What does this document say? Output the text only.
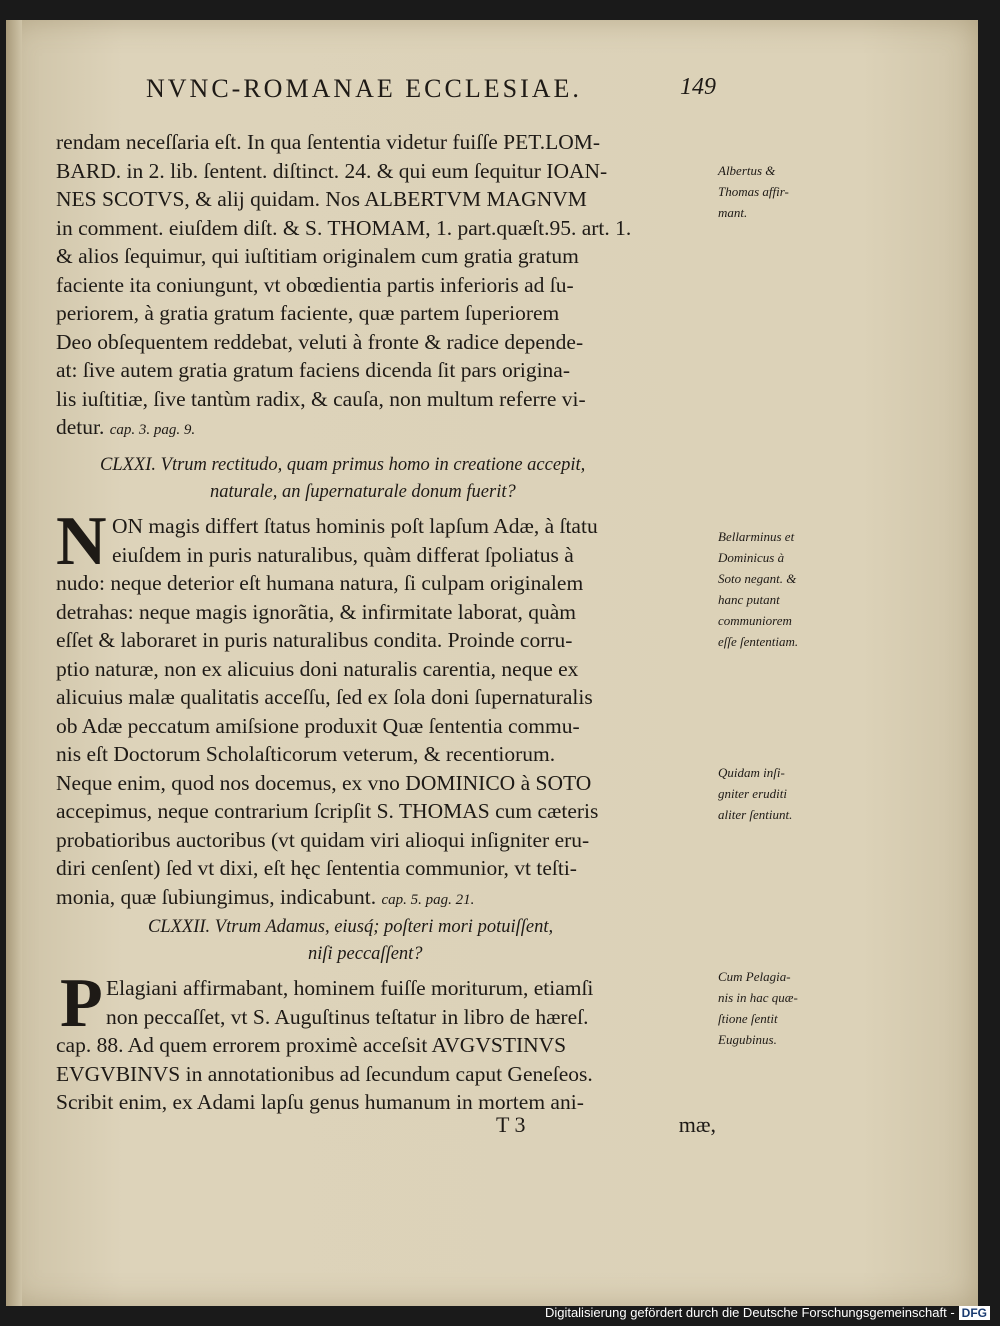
NVNC-ROMANAE ECCLESIAE.	149
rendam neceſſaria eſt. In qua ſententia videtur fuiſſe PET.LOM-
BARD. in 2. lib. ſentent. diſtinct. 24. & qui eum ſequitur IOAN-
NES SCOTVS, & alij quidam. Nos ALBERTVM MAGNVM
in comment. eiuſdem diſt. & S. THOMAM, 1. part.quæſt.95. art. 1.
& alios ſequimur, qui iuſtitiam originalem cum gratia gratum
faciente ita coniungunt, vt obœdientia partis inferioris ad ſu-
periorem, à gratia gratum faciente, quæ partem ſuperiorem
Deo obſequentem reddebat, veluti à fronte & radice depende-
at: ſive autem gratia gratum faciens dicenda ſit pars origina-
lis iuſtitiæ, ſive tantùm radix, & cauſa, non multum referre vi-
detur. cap. 3. pag. 9.
Albertus &
Thomas affir-
mant.
CLXXI. Vtrum rectitudo, quam primus homo in creatione accepit,
naturale, an ſupernaturale donum fuerit?
N ON magis differt ſtatus hominis poſt lapſum Adæ, à ſtatu
eiuſdem in puris naturalibus, quàm differat ſpoliatus à
nudo: neque deterior eſt humana natura, ſi culpam originalem
detrahas: neque magis ignorãtia, & infirmitate laborat, quàm
eſſet & laboraret in puris naturalibus condita. Proinde corru-
ptio naturæ, non ex alicuius doni naturalis carentia, neque ex
alicuius malæ qualitatis acceſſu, ſed ex ſola doni ſupernaturalis
ob Adæ peccatum amiſsione produxit Quæ ſententia commu-
nis eſt Doctorum Scholaſticorum veterum, & recentiorum.
Neque enim, quod nos docemus, ex vno DOMINICO à SOTO
accepimus, neque contrarium ſcripſit S. THOMAS cum cæteris
probatioribus auctoribus (vt quidam viri alioqui inſigniter eru-
diri cenſent) ſed vt dixi, eſt hęc ſententia communior, vt teſti-
monia, quæ ſubiungimus, indicabunt. cap. 5. pag. 21.
Bellarminus et
Dominicus à
Soto negant. &
hanc putant
communiorem
eſſe ſententiam.
Quidam inſi-
gniter eruditi
aliter ſentiunt.
CLXXII. Vtrum Adamus, eiusq́; poſteri mori potuiſſent,
niſi peccaſſent?
P Elagiani affirmabant, hominem fuiſſe moriturum, etiamſi
non peccaſſet, vt S. Auguſtinus teſtatur in libro de hæreſ.
cap. 88. Ad quem errorem proximè acceſsit AVGVSTINVS
EVGVBINVS in annotationibus ad ſecundum caput Geneſeos.
Scribit enim, ex Adami lapſu genus humanum in mortem ani-
Cum Pelagia-
nis in hac quæ-
ſtione ſentit
Eugubinus.
T 3	mæ,
Digitalisierung gefördert durch die Deutsche Forschungsgemeinschaft - DFG
